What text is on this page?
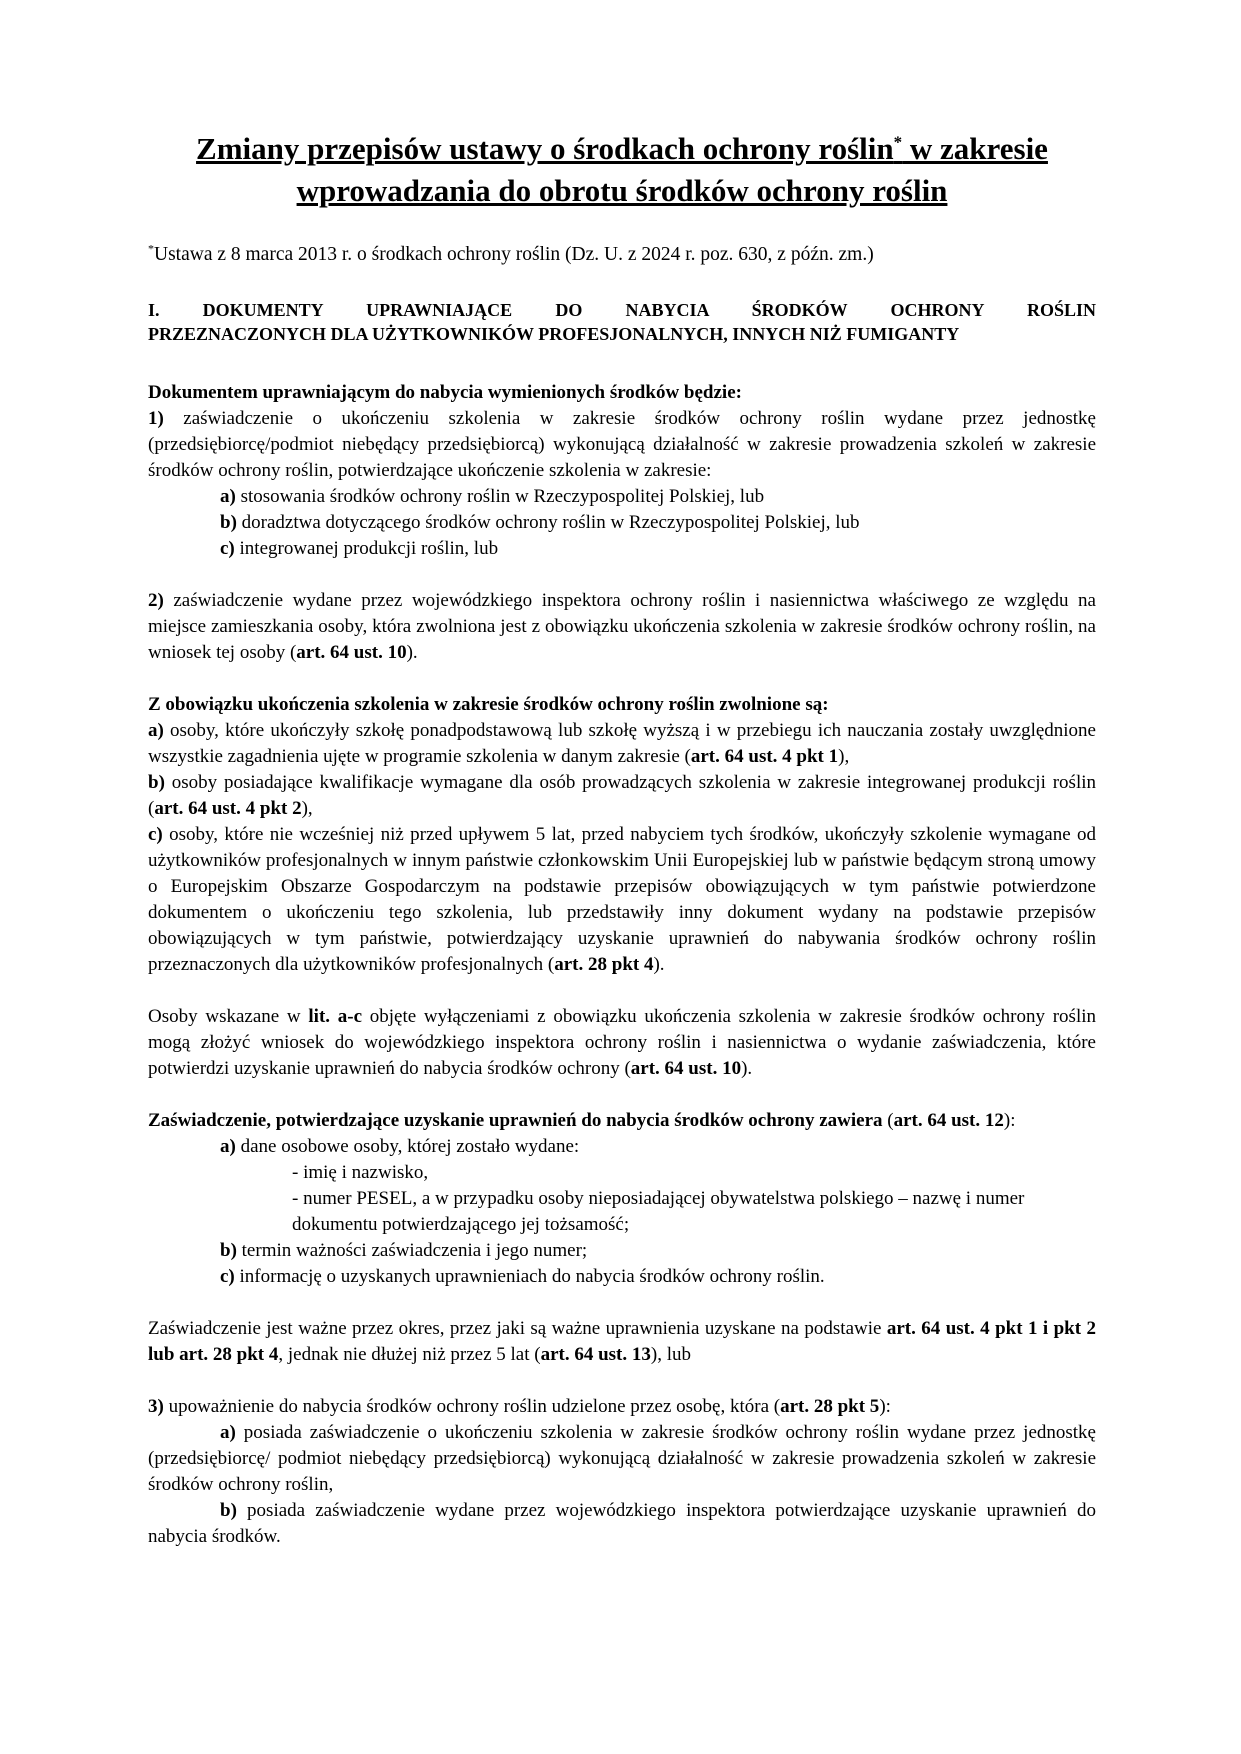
Zmiany przepisów ustawy o środkach ochrony roślin* w zakresie
wprowadzania do obrotu środków ochrony roślin

*Ustawa z 8 marca 2013 r. o środkach ochrony roślin (Dz. U. z 2024 r. poz. 630, z późn. zm.)

I. DOKUMENTY UPRAWNIAJĄCE DO NABYCIA ŚRODKÓW OCHRONY ROŚLIN
PRZEZNACZONYCH DLA UŻYTKOWNIKÓW PROFESJONALNYCH, INNYCH NIŻ FUMIGANTY

Dokumentem uprawniającym do nabycia wymienionych środków będzie:

1) zaświadczenie o ukończeniu szkolenia w zakresie środków ochrony roślin wydane przez jednostkę (przedsiębiorcę/podmiot niebędący przedsiębiorcą) wykonującą działalność w zakresie prowadzenia szkoleń w zakresie środków ochrony roślin, potwierdzające ukończenie szkolenia w zakresie:

a) stosowania środków ochrony roślin w Rzeczypospolitej Polskiej, lub

b) doradztwa dotyczącego środków ochrony roślin w Rzeczypospolitej Polskiej, lub

c) integrowanej produkcji roślin, lub

2) zaświadczenie wydane przez wojewódzkiego inspektora ochrony roślin i nasiennictwa właściwego ze względu na miejsce zamieszkania osoby, która zwolniona jest z obowiązku ukończenia szkolenia w zakresie środków ochrony roślin, na wniosek tej osoby (art. 64 ust. 10).

Z obowiązku ukończenia szkolenia w zakresie środków ochrony roślin zwolnione są:

a) osoby, które ukończyły szkołę ponadpodstawową lub szkołę wyższą i w przebiegu ich nauczania zostały uwzględnione wszystkie zagadnienia ujęte w programie szkolenia w danym zakresie (art. 64 ust. 4 pkt 1),

b) osoby posiadające kwalifikacje wymagane dla osób prowadzących szkolenia w zakresie integrowanej produkcji roślin (art. 64 ust. 4 pkt 2),

c) osoby, które nie wcześniej niż przed upływem 5 lat, przed nabyciem tych środków, ukończyły szkolenie wymagane od użytkowników profesjonalnych w innym państwie członkowskim Unii Europejskiej lub w państwie będącym stroną umowy o Europejskim Obszarze Gospodarczym na podstawie przepisów obowiązujących w tym państwie potwierdzone dokumentem o ukończeniu tego szkolenia, lub przedstawiły inny dokument wydany na podstawie przepisów obowiązujących w tym państwie, potwierdzający uzyskanie uprawnień do nabywania środków ochrony roślin przeznaczonych dla użytkowników profesjonalnych (art. 28 pkt 4).

Osoby wskazane w lit. a-c objęte wyłączeniami z obowiązku ukończenia szkolenia w zakresie środków ochrony roślin mogą złożyć wniosek do wojewódzkiego inspektora ochrony roślin i nasiennictwa o wydanie zaświadczenia, które potwierdzi uzyskanie uprawnień do nabycia środków ochrony (art. 64 ust. 10).

Zaświadczenie, potwierdzające uzyskanie uprawnień do nabycia środków ochrony zawiera (art. 64 ust. 12):

a) dane osobowe osoby, której zostało wydane:

- imię i nazwisko,

- numer PESEL, a w przypadku osoby nieposiadającej obywatelstwa polskiego – nazwę i numer dokumentu potwierdzającego jej tożsamość;

b) termin ważności zaświadczenia i jego numer;

c) informację o uzyskanych uprawnieniach do nabycia środków ochrony roślin.

Zaświadczenie jest ważne przez okres, przez jaki są ważne uprawnienia uzyskane na podstawie art. 64 ust. 4 pkt 1 i pkt 2 lub art. 28 pkt 4, jednak nie dłużej niż przez 5 lat (art. 64 ust. 13), lub

3) upoważnienie do nabycia środków ochrony roślin udzielone przez osobę, która (art. 28 pkt 5):

a) posiada zaświadczenie o ukończeniu szkolenia w zakresie środków ochrony roślin wydane przez jednostkę (przedsiębiorcę/ podmiot niebędący przedsiębiorcą) wykonującą działalność w zakresie prowadzenia szkoleń w zakresie środków ochrony roślin,

b) posiada zaświadczenie wydane przez wojewódzkiego inspektora potwierdzające uzyskanie uprawnień do nabycia środków.
